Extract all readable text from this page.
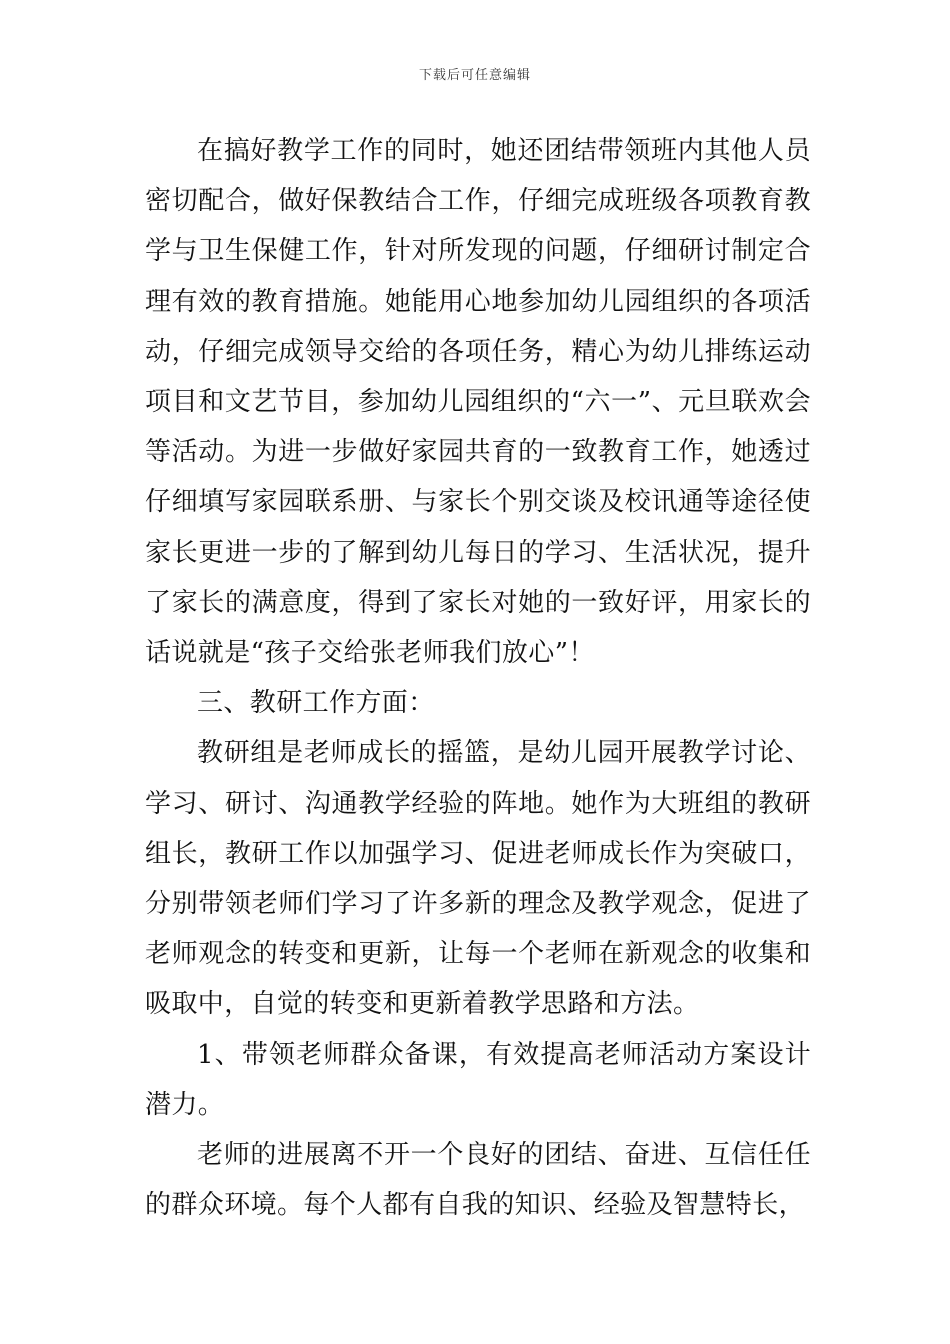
下载后可任意编辑

在搞好教学工作的同时，她还团结带领班内其他人员密切配合，做好保教结合工作，仔细完成班级各项教育教学与卫生保健工作，针对所发现的问题，仔细研讨制定合理有效的教育措施。她能用心地参加幼儿园组织的各项活动，仔细完成领导交给的各项任务，精心为幼儿排练运动项目和文艺节目，参加幼儿园组织的“六一”、元旦联欢会等活动。为进一步做好家园共育的一致教育工作，她透过仔细填写家园联系册、与家长个别交谈及校讯通等途径使家长更进一步的了解到幼儿每日的学习、生活状况，提升了家长的满意度，得到了家长对她的一致好评，用家长的话说就是“孩子交给张老师我们放心”！

三、教研工作方面：

教研组是老师成长的摇篮，是幼儿园开展教学讨论、学习、研讨、沟通教学经验的阵地。她作为大班组的教研组长，教研工作以加强学习、促进老师成长作为突破口，分别带领老师们学习了许多新的理念及教学观念，促进了老师观念的转变和更新，让每一个老师在新观念的收集和吸取中，自觉的转变和更新着教学思路和方法。

1、带领老师群众备课，有效提高老师活动方案设计潜力。

老师的进展离不开一个良好的团结、奋进、互信任任的群众环境。每个人都有自我的知识、经验及智慧特长，
